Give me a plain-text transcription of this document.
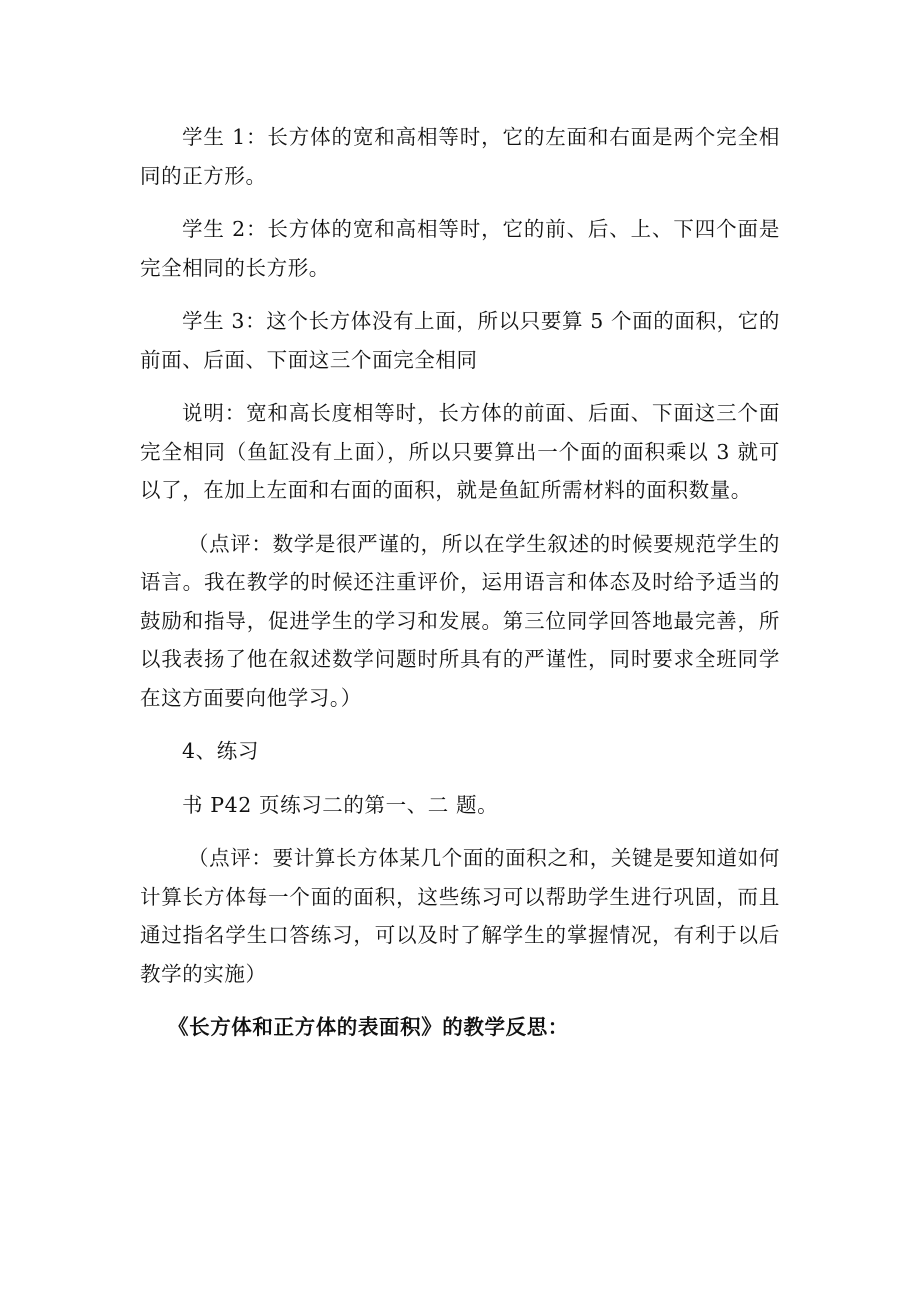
学生 1：长方体的宽和高相等时，它的左面和右面是两个完全相同的正方形。

学生 2：长方体的宽和高相等时，它的前、后、上、下四个面是完全相同的长方形。

学生 3：这个长方体没有上面，所以只要算 5 个面的面积，它的前面、后面、下面这三个面完全相同

说明：宽和高长度相等时，长方体的前面、后面、下面这三个面完全相同（鱼缸没有上面），所以只要算出一个面的面积乘以 3 就可以了，在加上左面和右面的面积，就是鱼缸所需材料的面积数量。

（点评：数学是很严谨的，所以在学生叙述的时候要规范学生的语言。我在教学的时候还注重评价，运用语言和体态及时给予适当的鼓励和指导，促进学生的学习和发展。第三位同学回答地最完善，所以我表扬了他在叙述数学问题时所具有的严谨性，同时要求全班同学在这方面要向他学习。）

4、练习

书 P42 页练习二的第一、二 题。

（点评：要计算长方体某几个面的面积之和，关键是要知道如何计算长方体每一个面的面积，这些练习可以帮助学生进行巩固，而且通过指名学生口答练习，可以及时了解学生的掌握情况，有利于以后教学的实施）

《长方体和正方体的表面积》的教学反思：
